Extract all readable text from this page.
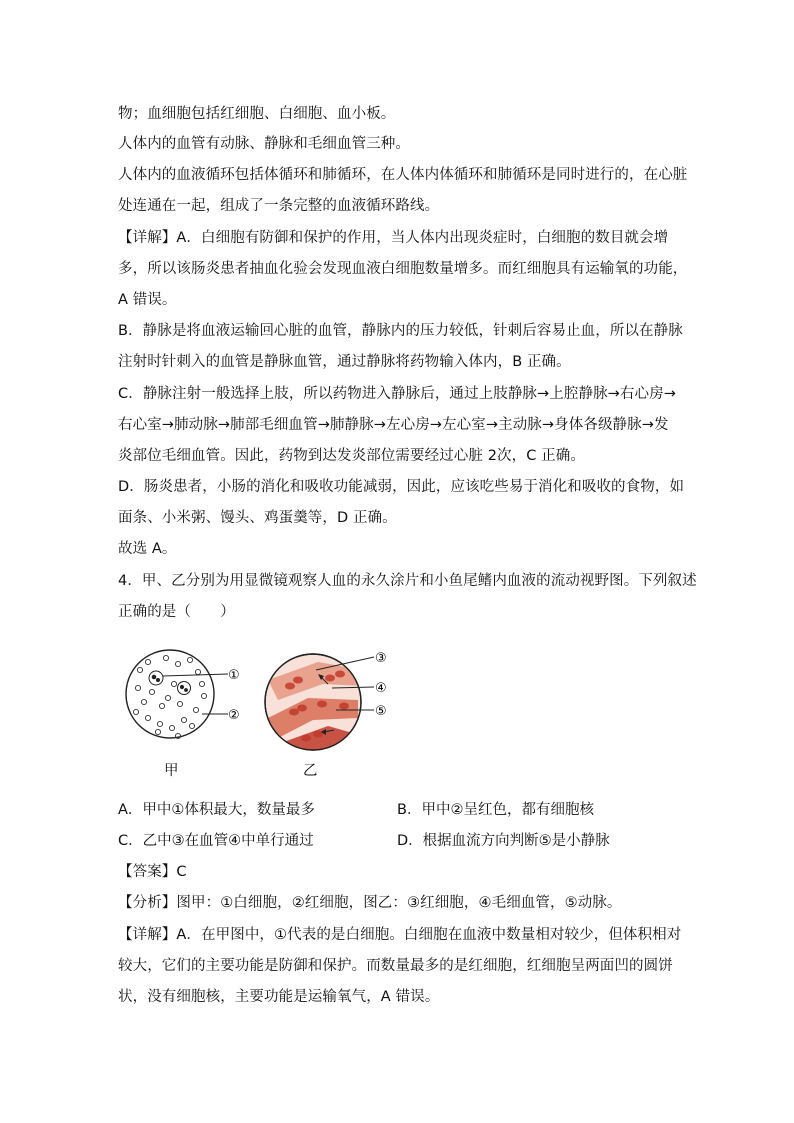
物；血细胞包括红细胞、白细胞、血小板。
人体内的血管有动脉、静脉和毛细血管三种。
人体内的血液循环包括体循环和肺循环，在人体内体循环和肺循环是同时进行的，在心脏
处连通在一起，组成了一条完整的血液循环路线。
【详解】A．白细胞有防御和保护的作用，当人体内出现炎症时，白细胞的数目就会增
多，所以该肠炎患者抽血化验会发现血液白细胞数量增多。而红细胞具有运输氧的功能，
A 错误。
B．静脉是将血液运输回心脏的血管，静脉内的压力较低，针刺后容易止血，所以在静脉
注射时针刺入的血管是静脉血管，通过静脉将药物输入体内，B 正确。
C．静脉注射一般选择上肢，所以药物进入静脉后，通过上肢静脉→上腔静脉→右心房→
右心室→肺动脉→肺部毛细血管→肺静脉→左心房→左心室→主动脉→身体各级静脉→发
炎部位毛细血管。因此，药物到达发炎部位需要经过心脏 2次，C 正确。
D．肠炎患者，小肠的消化和吸收功能减弱，因此，应该吃些易于消化和吸收的食物，如
面条、小米粥、馒头、鸡蛋羹等，D 正确。
故选 A。
4．甲、乙分别为用显微镜观察人血的永久涂片和小鱼尾鳍内血液的流动视野图。下列叙述
正确的是（　　）
①
②
③
④
⑤
甲	乙
A．甲中①体积最大，数量最多	B．甲中②呈红色，都有细胞核
C．乙中③在血管④中单行通过	D．根据血流方向判断⑤是小静脉
【答案】C
【分析】图甲：①白细胞，②红细胞，图乙：③红细胞，④毛细血管，⑤动脉。
【详解】A．在甲图中，①代表的是白细胞。白细胞在血液中数量相对较少，但体积相对
较大，它们的主要功能是防御和保护。而数量最多的是红细胞，红细胞呈两面凹的圆饼
状，没有细胞核，主要功能是运输氧气，A 错误。
